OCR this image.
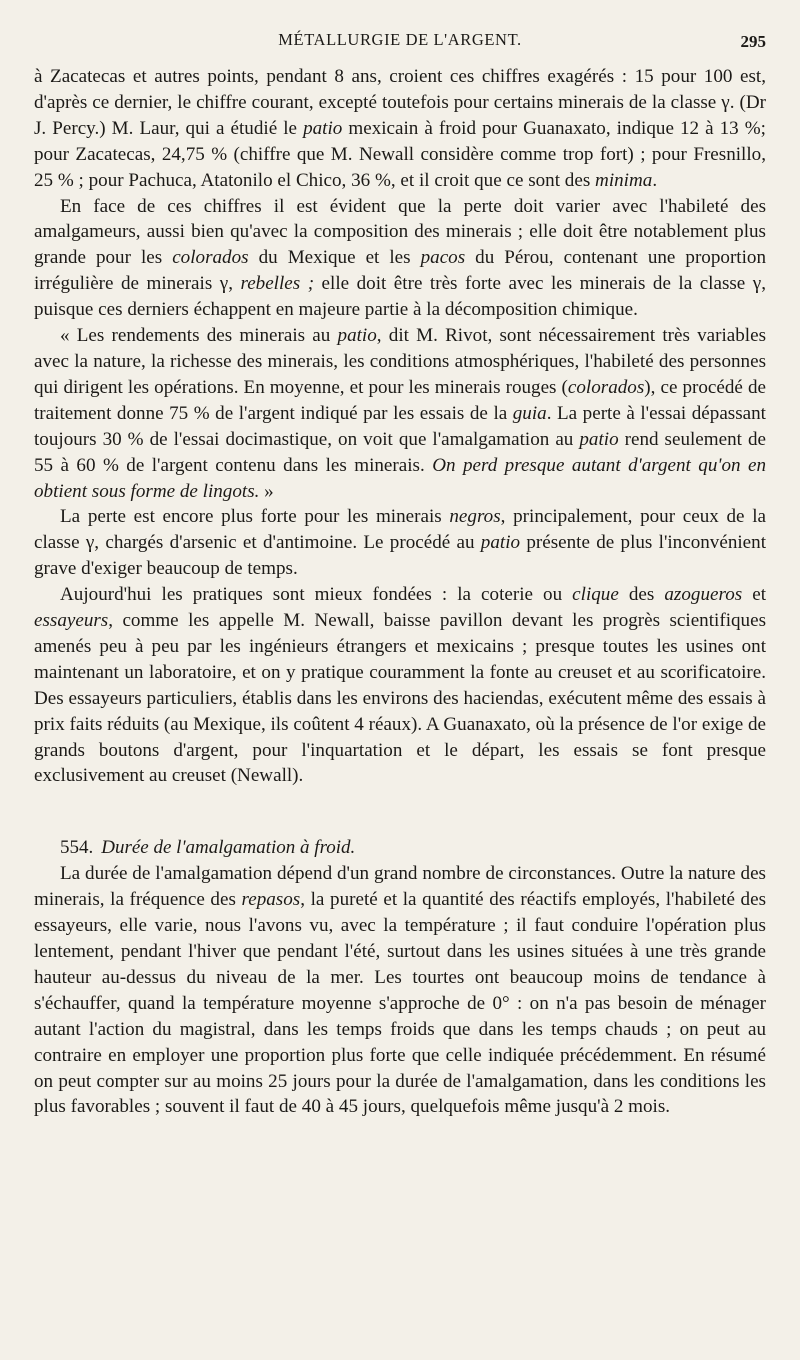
MÉTALLURGIE DE L'ARGENT.	295

à Zacatecas et autres points, pendant 8 ans, croient ces chiffres exagérés : 15 pour 100 est, d'après ce dernier, le chiffre courant, excepté toutefois pour certains minerais de la classe γ. (Dr J. Percy.) M. Laur, qui a étudié le patio mexicain à froid pour Guanaxato, indique 12 à 13 %; pour Zacatecas, 24,75 % (chiffre que M. Newall considère comme trop fort) ; pour Fresnillo, 25 % ; pour Pachuca, Atatonilo el Chico, 36 %, et il croit que ce sont des minima.

En face de ces chiffres il est évident que la perte doit varier avec l'habileté des amalgameurs, aussi bien qu'avec la composition des minerais ; elle doit être notablement plus grande pour les colorados du Mexique et les pacos du Pérou, contenant une proportion irrégulière de minerais γ, rebelles ; elle doit être très forte avec les minerais de la classe γ, puisque ces derniers échappent en majeure partie à la décomposition chimique.

« Les rendements des minerais au patio, dit M. Rivot, sont nécessairement très variables avec la nature, la richesse des minerais, les conditions atmosphériques, l'habileté des personnes qui dirigent les opérations. En moyenne, et pour les minerais rouges (colorados), ce procédé de traitement donne 75 % de l'argent indiqué par les essais de la guia. La perte à l'essai dépassant toujours 30 % de l'essai docimastique, on voit que l'amalgamation au patio rend seulement de 55 à 60 % de l'argent contenu dans les minerais. On perd presque autant d'argent qu'on en obtient sous forme de lingots. »

La perte est encore plus forte pour les minerais negros, principalement, pour ceux de la classe γ, chargés d'arsenic et d'antimoine. Le procédé au patio présente de plus l'inconvénient grave d'exiger beaucoup de temps.

Aujourd'hui les pratiques sont mieux fondées : la coterie ou clique des azogueros et essayeurs, comme les appelle M. Newall, baisse pavillon devant les progrès scientifiques amenés peu à peu par les ingénieurs étrangers et mexicains ; presque toutes les usines ont maintenant un laboratoire, et on y pratique couramment la fonte au creuset et au scorificatoire. Des essayeurs particuliers, établis dans les environs des haciendas, exécutent même des essais à prix faits réduits (au Mexique, ils coûtent 4 réaux). A Guanaxato, où la présence de l'or exige de grands boutons d'argent, pour l'inquartation et le départ, les essais se font presque exclusivement au creuset (Newall).

554. Durée de l'amalgamation à froid.

La durée de l'amalgamation dépend d'un grand nombre de circonstances. Outre la nature des minerais, la fréquence des repasos, la pureté et la quantité des réactifs employés, l'habileté des essayeurs, elle varie, nous l'avons vu, avec la température ; il faut conduire l'opération plus lentement, pendant l'hiver que pendant l'été, surtout dans les usines situées à une très grande hauteur au-dessus du niveau de la mer. Les tourtes ont beaucoup moins de tendance à s'échauffer, quand la température moyenne s'approche de 0° : on n'a pas besoin de ménager autant l'action du magistral, dans les temps froids que dans les temps chauds ; on peut au contraire en employer une proportion plus forte que celle indiquée précédemment. En résumé on peut compter sur au moins 25 jours pour la durée de l'amalgamation, dans les conditions les plus favorables ; souvent il faut de 40 à 45 jours, quelquefois même jusqu'à 2 mois.
